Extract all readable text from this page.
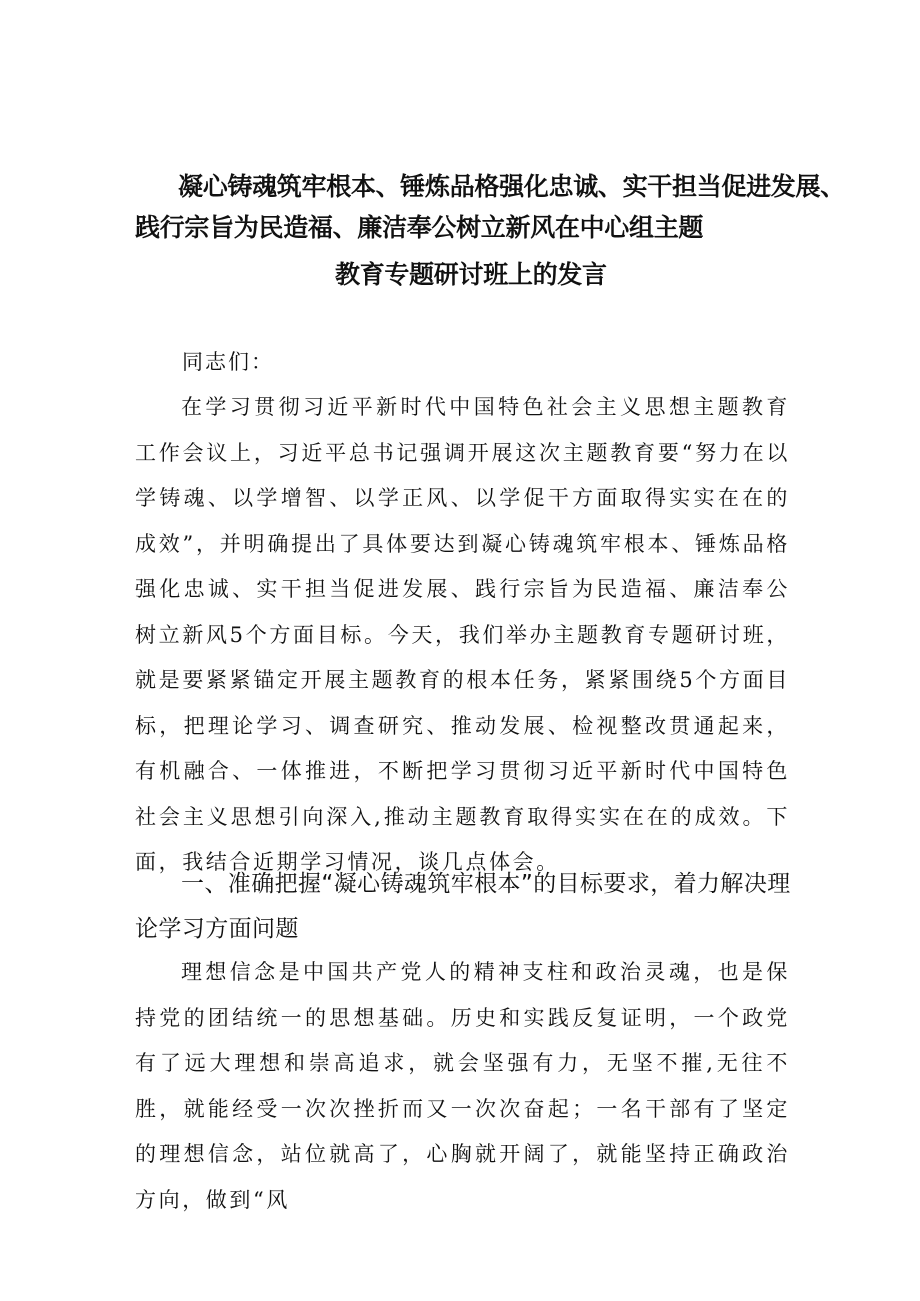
凝心铸魂筑牢根本、锤炼品格强化忠诚、实干担当促进发展、
践行宗旨为民造福、廉洁奉公树立新风在中心组主题
教育专题研讨班上的发言

同志们：

在学习贯彻习近平新时代中国特色社会主义思想主题教育工作会议上，习近平总书记强调开展这次主题教育要“努力在以学铸魂、以学增智、以学正风、以学促干方面取得实实在在的成效”，并明确提出了具体要达到凝心铸魂筑牢根本、锤炼品格强化忠诚、实干担当促进发展、践行宗旨为民造福、廉洁奉公树立新风5个方面目标。今天，我们举办主题教育专题研讨班，就是要紧紧锚定开展主题教育的根本任务，紧紧围绕5个方面目标，把理论学习、调查研究、推动发展、检视整改贯通起来，有机融合、一体推进，不断把学习贯彻习近平新时代中国特色社会主义思想引向深入,推动主题教育取得实实在在的成效。下面，我结合近期学习情况，谈几点体会。

一、准确把握“凝心铸魂筑牢根本”的目标要求，着力解决理论学习方面问题

理想信念是中国共产党人的精神支柱和政治灵魂，也是保持党的团结统一的思想基础。历史和实践反复证明，一个政党有了远大理想和崇高追求，就会坚强有力，无坚不摧,无往不胜，就能经受一次次挫折而又一次次奋起；一名干部有了坚定的理想信念，站位就高了，心胸就开阔了，就能坚持正确政治方向，做到“风
